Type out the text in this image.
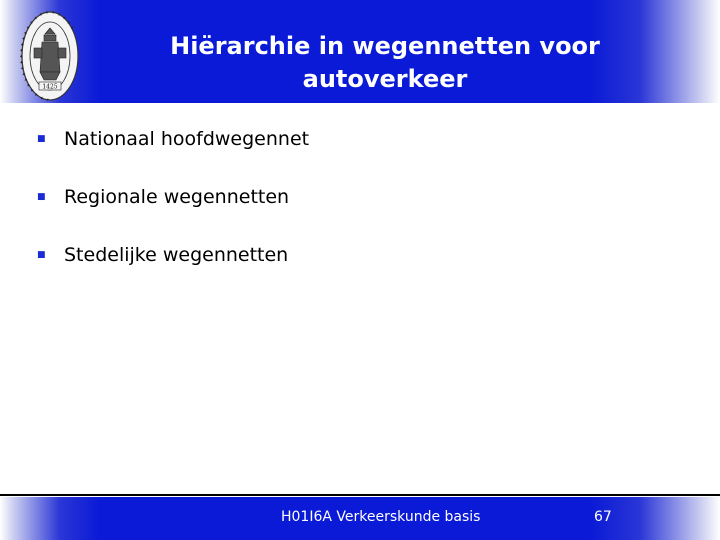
✦ ✦ ✦ ✦ ✦ ✦ ✦ ✦ ✦ ✦ ✦ ✦ ✦ ✦ ✦ ✦ ✦ ✦ ✦ ✦ ✦
1425
Hiërarchie in wegennetten voor
autoverkeer
■ Nationaal hoofdwegennet
■ Regionale wegennetten
■ Stedelijke wegennetten
H01I6A Verkeerskunde basis	67
